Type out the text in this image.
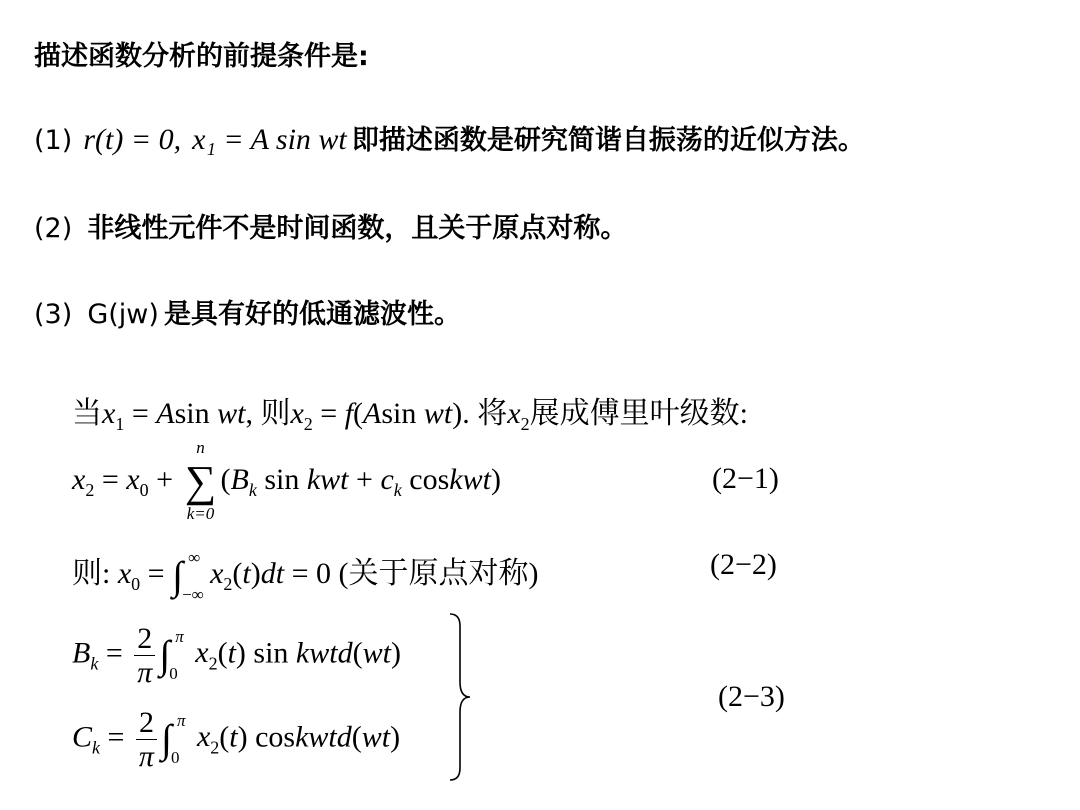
描述函数分析的前提条件是:
(1) r(t) = 0, x₁ = A sin wt 即描述函数是研究简谐自振荡的近似方法。
(2) 非线性元件不是时间函数，且关于原点对称。
(3) G(jw) 是具有好的低通滤波性。
当$x_1 = Asin$ wt, 则$x_2 = f(Asin$ wt). 将$x_2$展成傅里叶级数:
$x_2 = x_0$ +
n
∑
k=0
($B_k$ sin kwt + $c_k$ coskwt)	(2−1)
则: $x_0$ = ∫ ∞
−∞
$x_2(t)dt = 0$ (关于原点对称)	(2−2)
$B_k = \frac{2}{\pi}$ ∫ π
0
$x_2(t)$ sin kwtd(wt)
$C_k = \frac{2}{\pi}$ ∫ π
0
$x_2(t)$ coskwtd(wt)
(2−3)
